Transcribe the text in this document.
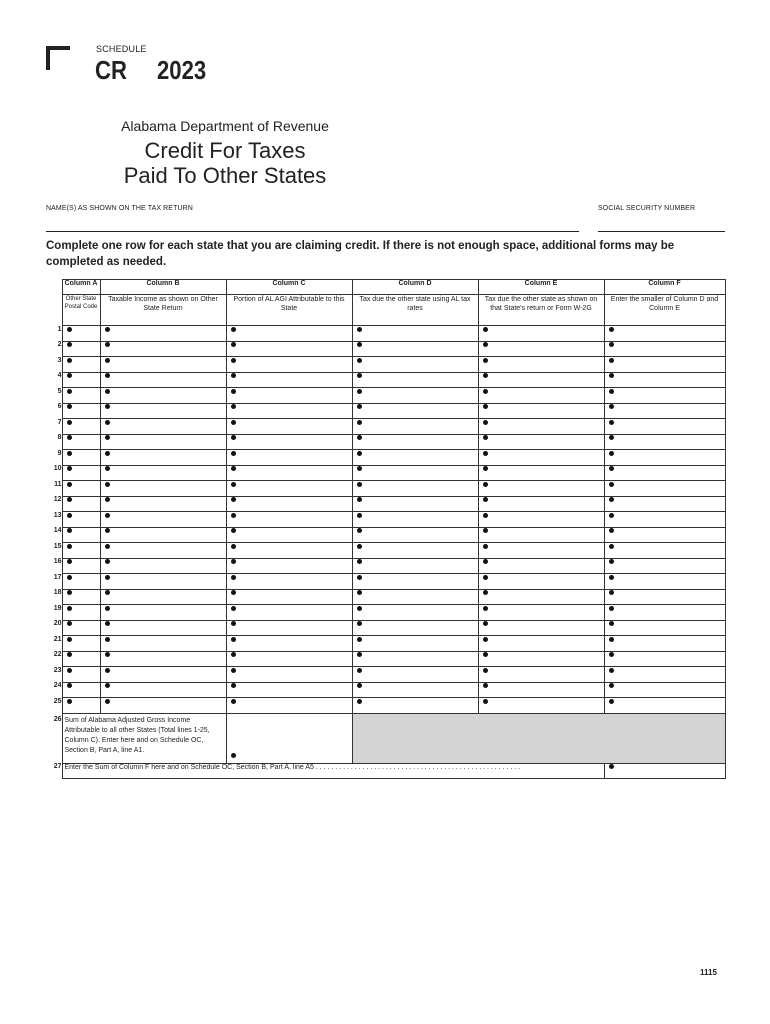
SCHEDULE
CR 2023
Alabama Department of Revenue
Credit For Taxes
Paid To Other States
NAME(S) AS SHOWN ON THE TAX RETURN	SOCIAL SECURITY NUMBER
Complete one row for each state that you are claiming credit. If there is not enough space, additional forms may be completed as needed.
	Column A	Column B	Column C	Column D	Column E	Column F
	Other State Postal Code	Taxable Income as shown on Other State Return	Portion of AL AGI Attributable to this State	Tax due the other state using AL tax rates	Tax due the other state as shown on that State's return or Form W-2G	Enter the smaller of Column D and Column E
1						
2						
3						
4						
5						
6						
7						
8						
9						
10						
11						
12						
13						
14						
15						
16						
17						
18						
19						
20						
21						
22						
23						
24						
25						
26	Sum of Alabama Adjusted Gross Income Attributable to all other States (Total lines 1-25, Column C). Enter here and on Schedule OC, Section B, Part A, line A1.					

27	Enter the Sum of Column F here and on Schedule OC, Section B, Part A, line A5 . . . . . . . . . . . . . . . . . . . . . . . . . . . . . . . . . . . . . . . . . . . . . . . . . . . . .					
1115
